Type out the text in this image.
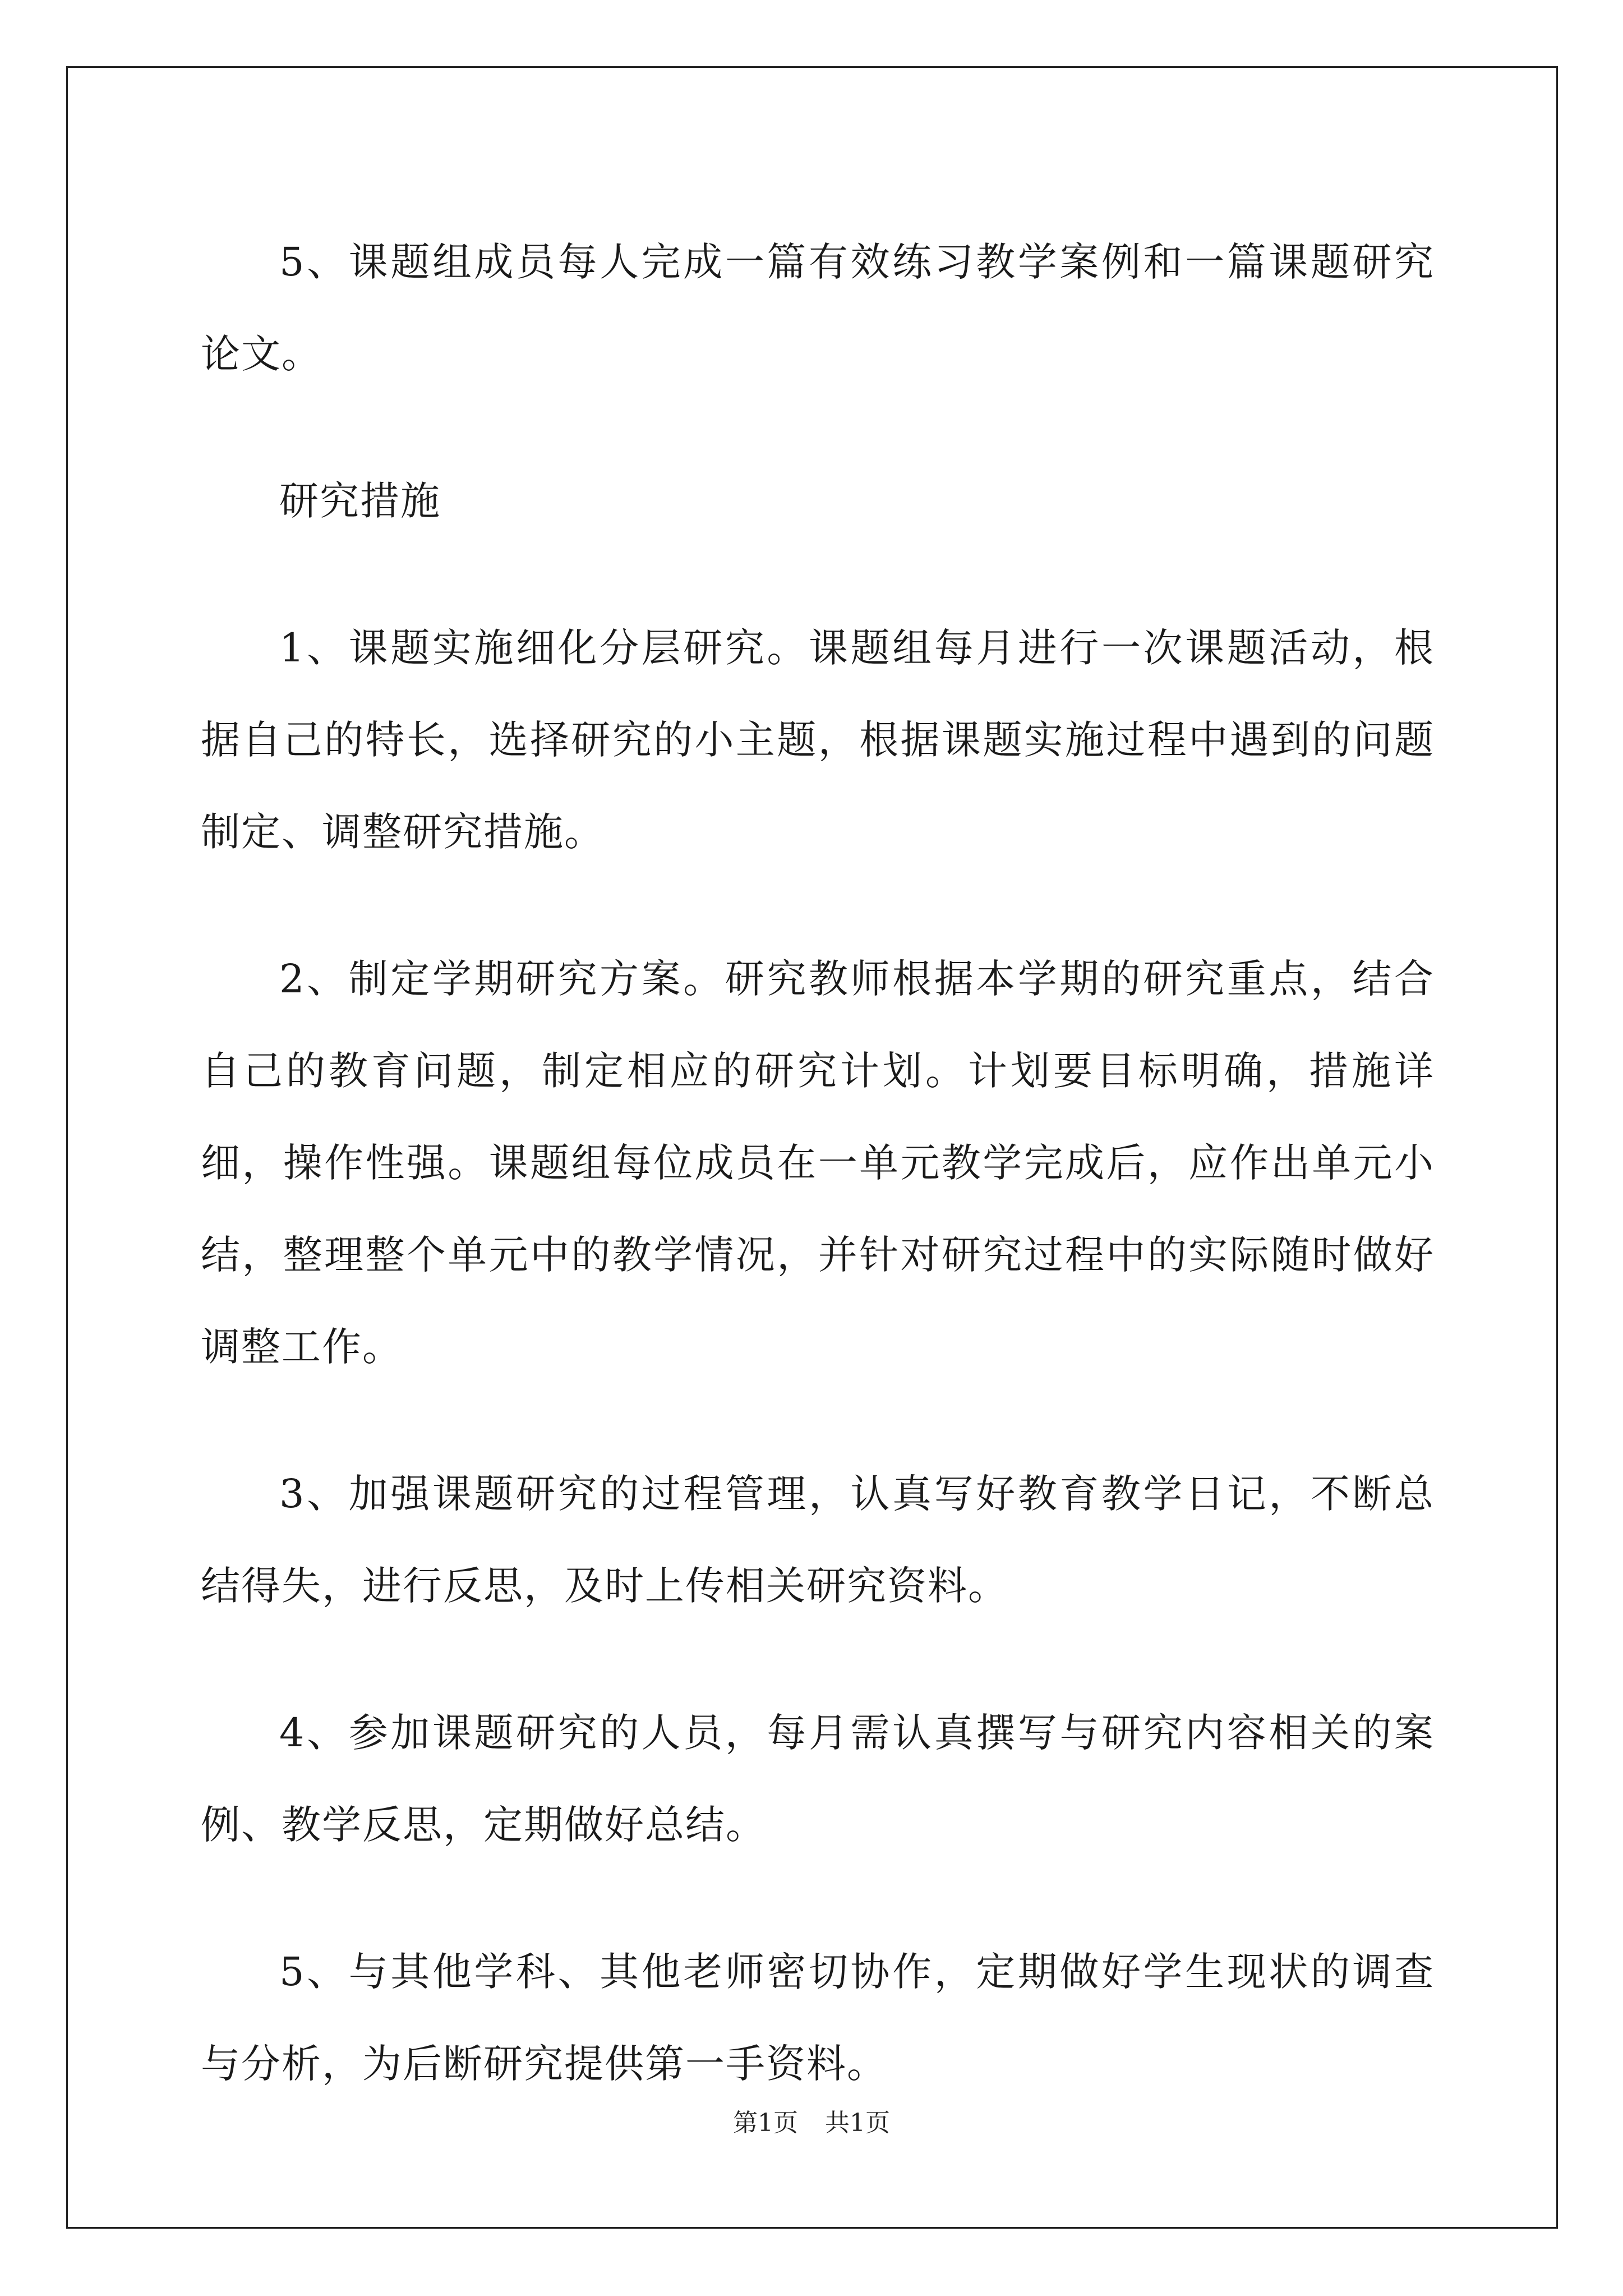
5、课题组成员每人完成一篇有效练习教学案例和一篇课题研究论文。

研究措施

1、课题实施细化分层研究。课题组每月进行一次课题活动，根据自己的特长，选择研究的小主题，根据课题实施过程中遇到的问题制定、调整研究措施。

2、制定学期研究方案。研究教师根据本学期的研究重点，结合自己的教育问题，制定相应的研究计划。计划要目标明确，措施详细，操作性强。课题组每位成员在一单元教学完成后，应作出单元小结，整理整个单元中的教学情况，并针对研究过程中的实际随时做好调整工作。

3、加强课题研究的过程管理，认真写好教育教学日记，不断总结得失，进行反思，及时上传相关研究资料。

4、参加课题研究的人员，每月需认真撰写与研究内容相关的案例、教学反思，定期做好总结。

5、与其他学科、其他老师密切协作，定期做好学生现状的调查与分析，为后断研究提供第一手资料。

第1页 共1页
